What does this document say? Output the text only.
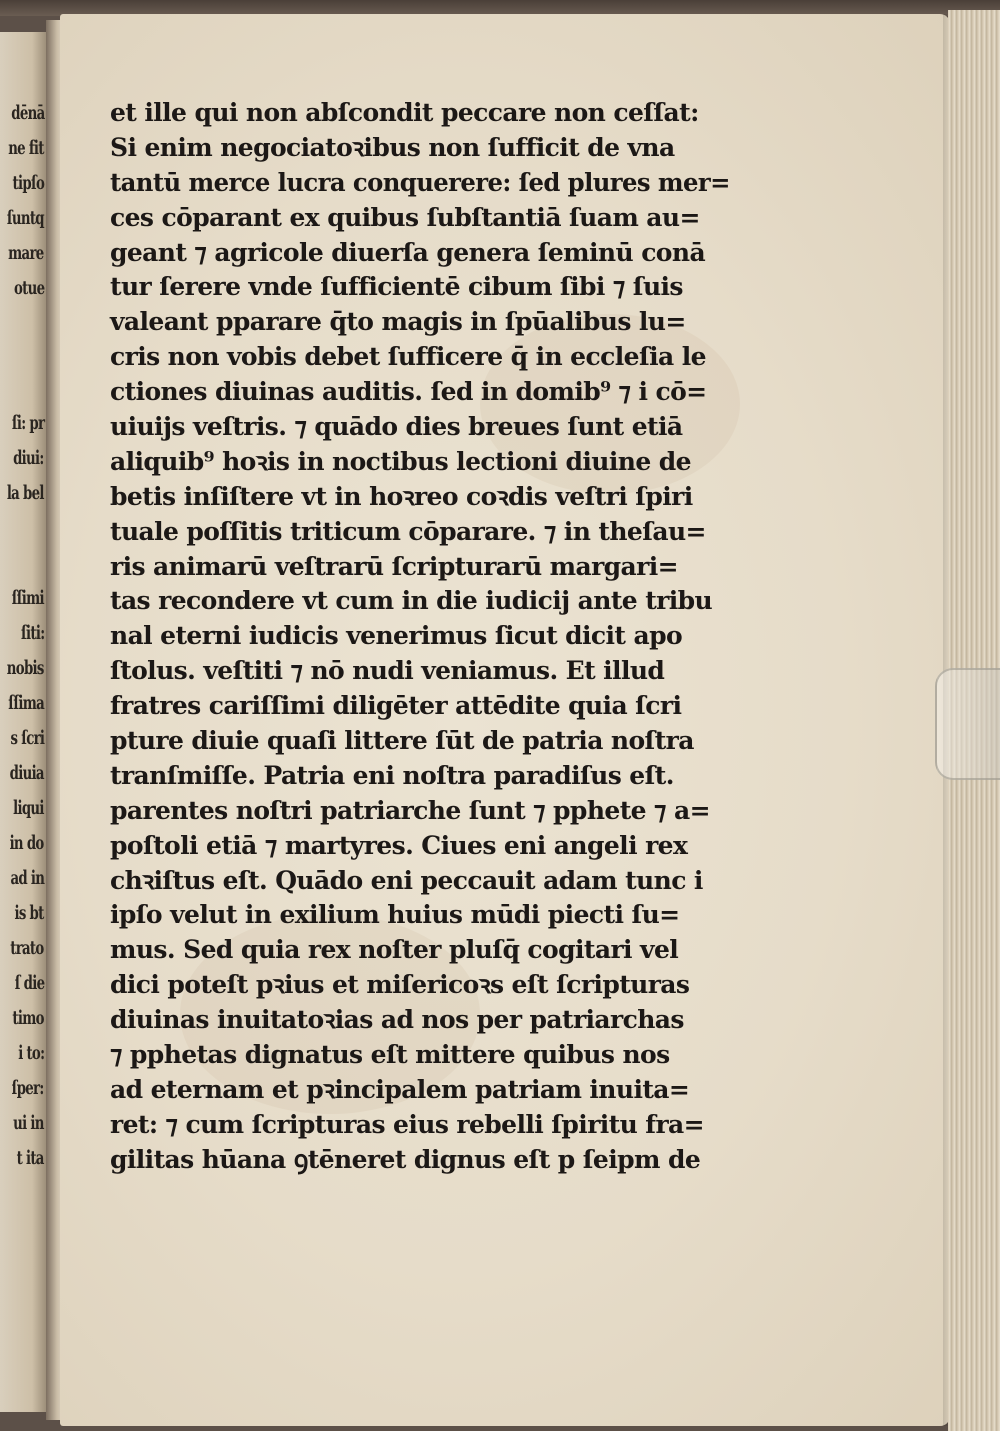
dēnā
ne fit
tipſo
ſuntq
mare
otue
ſi: pr
diui:
la bel
ſſimi
ſiti:
nobis
ſſima
s ſcri
diuia
liqui
in do
ad in
is bt
trato
ſ die
timo
i to:
ſper:
ui in
t ita
et ille qui non abſcondit peccare non ceſſat:
Si enim negociatoꝛibus non ſufficit de vna
tantū merce lucra conquerere: ſed plures mer=
ces cōparant ex quibus ſubſtantiā ſuam au=
geant ⁊ agricole diuerſa genera ſeminū conā
tur ſerere vnde ſufficientē cibum ſibi ⁊ ſuis
valeant pparare q̄to magis in ſpūalibus lu=
cris non vobis debet ſufficere q̄ in eccleſia le
ctiones diuinas auditis. ſed in domib⁹ ⁊ i cō=
uiuijs veſtris. ⁊ quādo dies breues ſunt etiā
aliquib⁹ hoꝛis in noctibus lectioni diuine de
betis inſiſtere vt in hoꝛreo coꝛdis veſtri ſpiri
tuale poſſitis triticum cōparare. ⁊ in theſau=
ris animarū veſtrarū ſcripturarū margari=
tas recondere vt cum in die iudicij ante tribu
nal eterni iudicis venerimus ſicut dicit apo
ſtolus. veſtiti ⁊ nō nudi veniamus. Et illud
fratres cariſſimi diligēter attēdite quia ſcri
pture diuie quaſi littere ſūt de patria noſtra
tranſmiſſe. Patria eni noſtra paradiſus eſt.
parentes noſtri patriarche ſunt ⁊ pphete ⁊ a=
poſtoli etiā ⁊ martyres. Ciues eni angeli rex
chꝛiſtus eſt. Quādo eni peccauit adam tunc i
ipſo velut in exilium huius mūdi piecti ſu=
mus. Sed quia rex noſter pluſq̄ cogitari vel
dici poteſt pꝛius et miſericoꝛs eſt ſcripturas
diuinas inuitatoꝛias ad nos per patriarchas
⁊ pphetas dignatus eſt mittere quibus nos
ad eternam et pꝛincipalem patriam inuita=
ret: ⁊ cum ſcripturas eius rebelli ſpiritu fra=
gilitas hūana ꝯtēneret dignus eſt p ſeipm de
